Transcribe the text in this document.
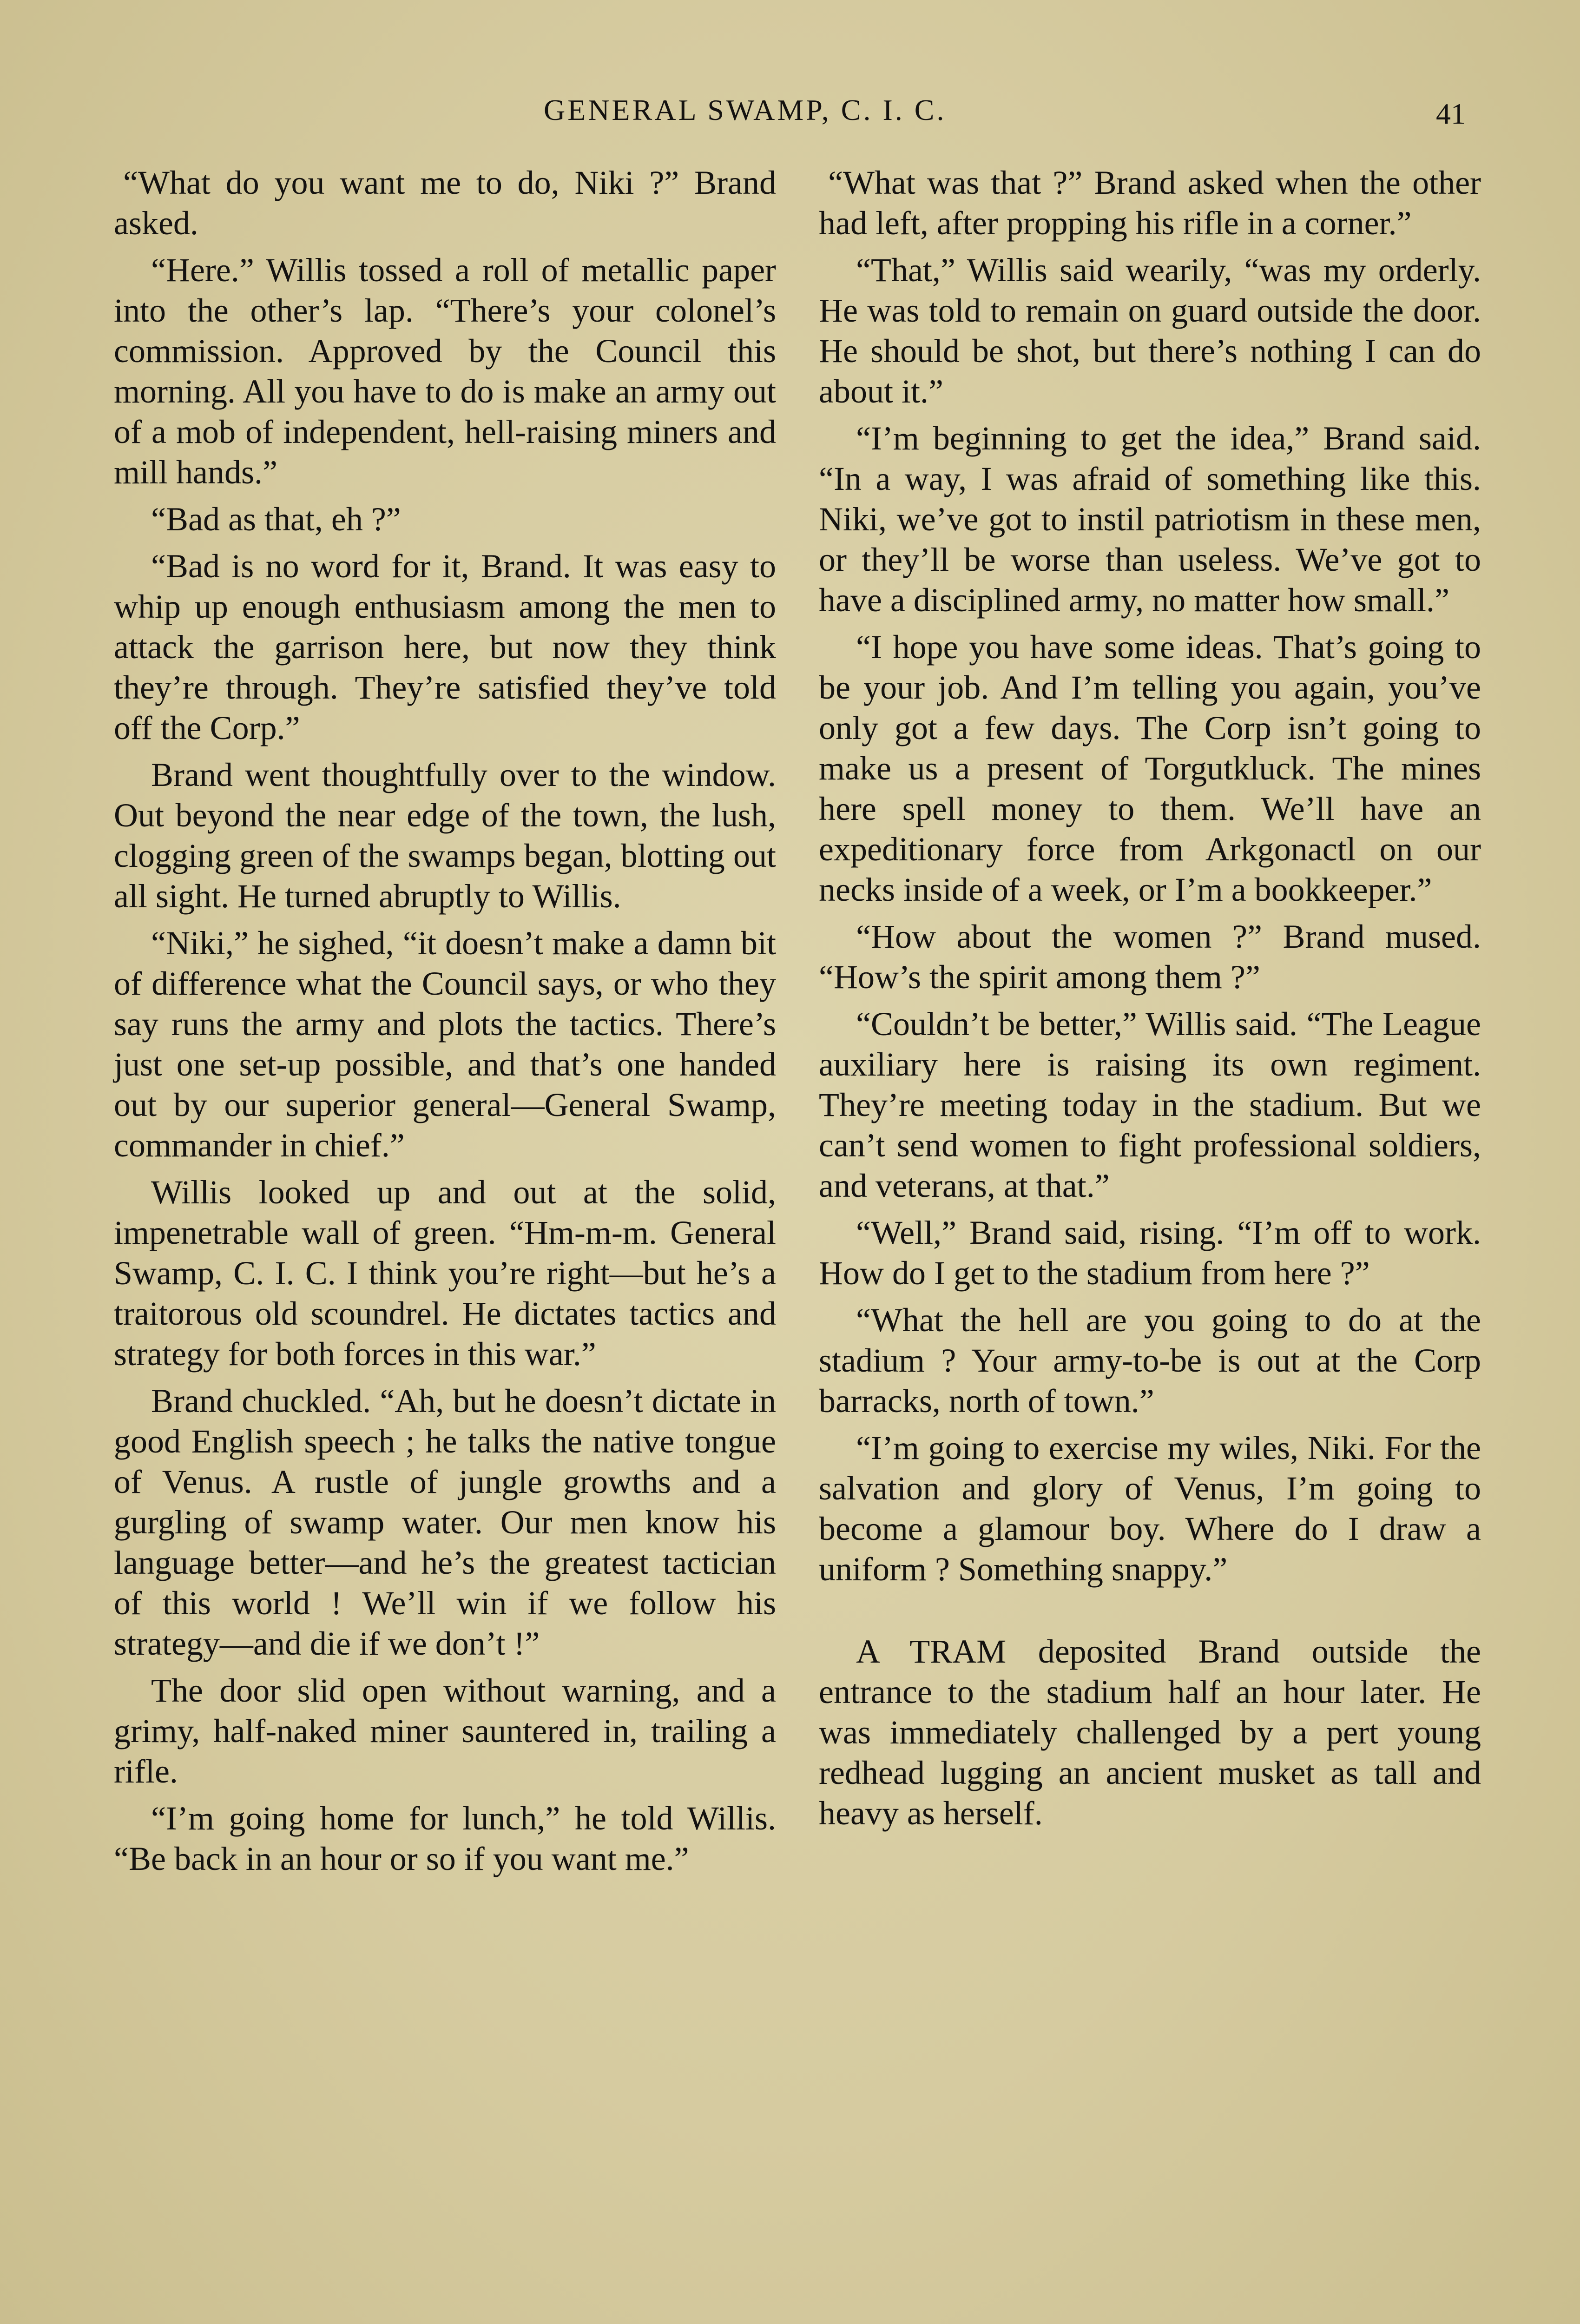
GENERAL SWAMP, C. I. C.	41

“What do you want me to do, Niki ?” Brand asked.

“Here.” Willis tossed a roll of metallic paper into the other’s lap. “There’s your colonel’s commission. Approved by the Council this morning. All you have to do is make an army out of a mob of independent, hell-raising miners and mill hands.”

“Bad as that, eh ?”

“Bad is no word for it, Brand. It was easy to whip up enough enthusiasm among the men to attack the garrison here, but now they think they’re through. They’re satisfied they’ve told off the Corp.”

Brand went thoughtfully over to the window. Out beyond the near edge of the town, the lush, clogging green of the swamps began, blotting out all sight. He turned abruptly to Willis.

“Niki,” he sighed, “it doesn’t make a damn bit of difference what the Council says, or who they say runs the army and plots the tactics. There’s just one set-up possible, and that’s one handed out by our superior general—General Swamp, commander in chief.”

Willis looked up and out at the solid, impenetrable wall of green. “Hm-m-m. General Swamp, C. I. C. I think you’re right—but he’s a traitorous old scoundrel. He dictates tactics and strategy for both forces in this war.”

Brand chuckled. “Ah, but he doesn’t dictate in good English speech ; he talks the native tongue of Venus. A rustle of jungle growths and a gurgling of swamp water. Our men know his language better—and he’s the greatest tactician of this world ! We’ll win if we follow his strategy—and die if we don’t !”

The door slid open without warning, and a grimy, half-naked miner sauntered in, trailing a rifle.

“I’m going home for lunch,” he told Willis. “Be back in an hour or so if you want me.”

“What was that ?” Brand asked when the other had left, after propping his rifle in a corner.”

“That,” Willis said wearily, “was my orderly. He was told to remain on guard outside the door. He should be shot, but there’s nothing I can do about it.”

“I’m beginning to get the idea,” Brand said. “In a way, I was afraid of something like this. Niki, we’ve got to instil patriotism in these men, or they’ll be worse than useless. We’ve got to have a disciplined army, no matter how small.”

“I hope you have some ideas. That’s going to be your job. And I’m telling you again, you’ve only got a few days. The Corp isn’t going to make us a present of Torgutkluck. The mines here spell money to them. We’ll have an expeditionary force from Arkgonactl on our necks inside of a week, or I’m a bookkeeper.”

“How about the women ?” Brand mused. “How’s the spirit among them ?”

“Couldn’t be better,” Willis said. “The League auxiliary here is raising its own regiment. They’re meeting today in the stadium. But we can’t send women to fight professional soldiers, and veterans, at that.”

“Well,” Brand said, rising. “I’m off to work. How do I get to the stadium from here ?”

“What the hell are you going to do at the stadium ? Your army-to-be is out at the Corp barracks, north of town.”

“I’m going to exercise my wiles, Niki. For the salvation and glory of Venus, I’m going to become a glamour boy. Where do I draw a uniform ? Something snappy.”

A TRAM deposited Brand outside the entrance to the stadium half an hour later. He was immediately challenged by a pert young redhead lugging an ancient musket as tall and heavy as herself.
